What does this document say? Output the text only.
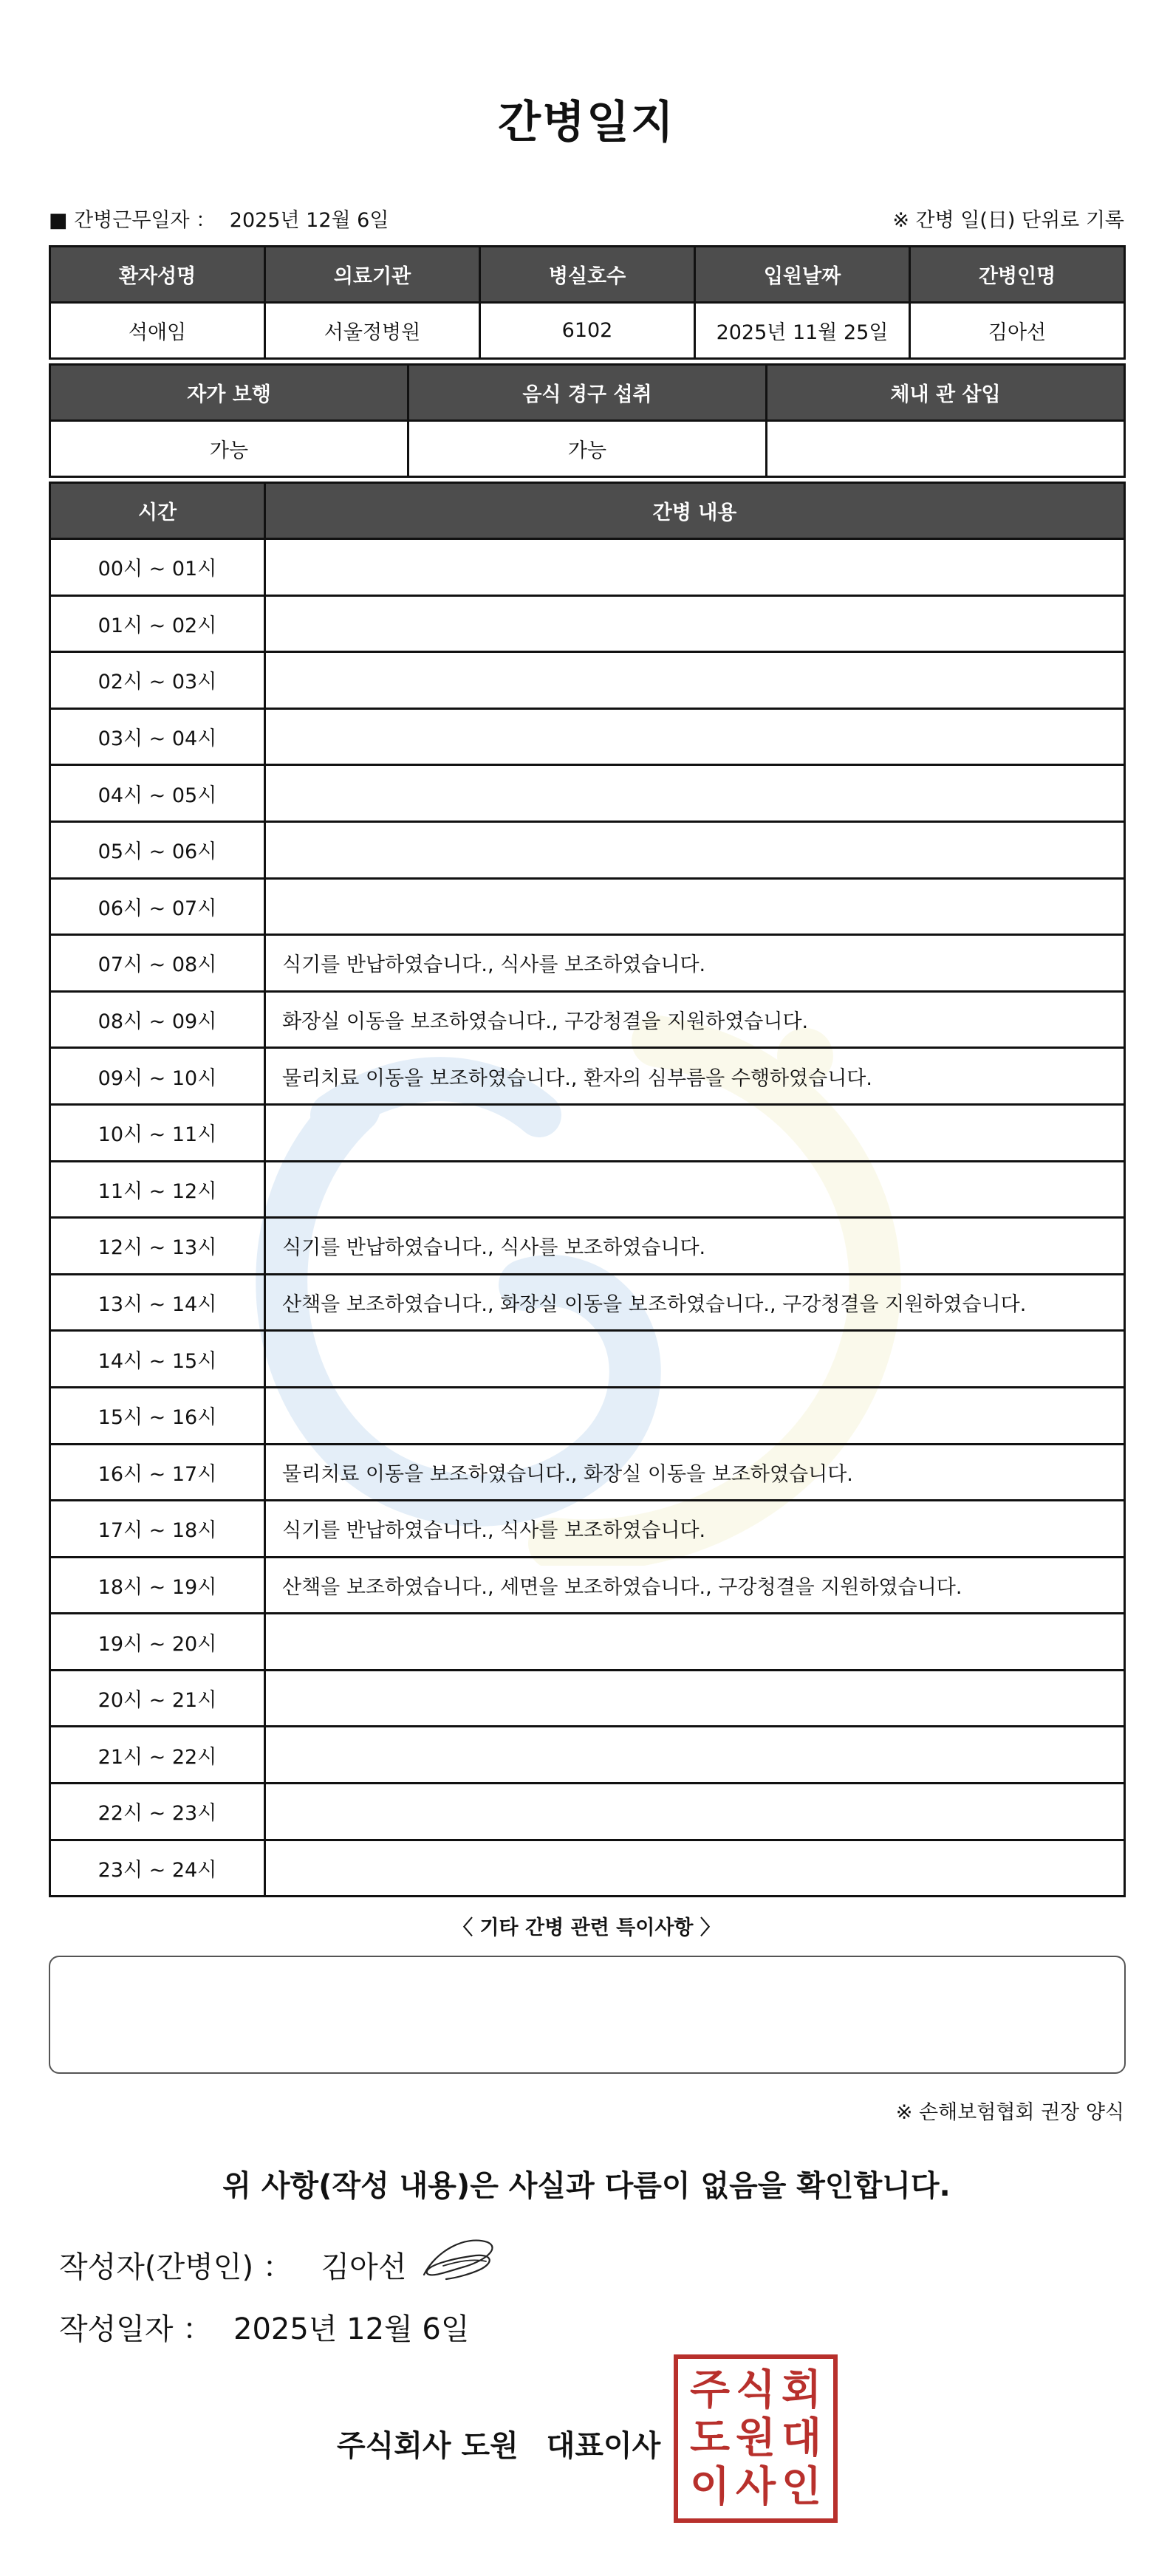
간병일지
■ 간병근무일자 ： 2025년 12월 6일	※ 간병 일(日) 단위로 기록
환자성명	의료기관	병실호수	입원날짜	간병인명
석애임	서울정병원	6102	2025년 11월 25일	김아선
자가 보행	음식 경구 섭취	체내 관 삽입
가능	가능	
시간	간병 내용
00시 ~ 01시	
01시 ~ 02시	
02시 ~ 03시	
03시 ~ 04시	
04시 ~ 05시	
05시 ~ 06시	
06시 ~ 07시	
07시 ~ 08시	식기를 반납하였습니다., 식사를 보조하였습니다.
08시 ~ 09시	화장실 이동을 보조하였습니다., 구강청결을 지원하였습니다.
09시 ~ 10시	물리치료 이동을 보조하였습니다., 환자의 심부름을 수행하였습니다.
10시 ~ 11시	
11시 ~ 12시	
12시 ~ 13시	식기를 반납하였습니다., 식사를 보조하였습니다.
13시 ~ 14시	산책을 보조하였습니다., 화장실 이동을 보조하였습니다., 구강청결을 지원하였습니다.
14시 ~ 15시	
15시 ~ 16시	
16시 ~ 17시	물리치료 이동을 보조하였습니다., 화장실 이동을 보조하였습니다.
17시 ~ 18시	식기를 반납하였습니다., 식사를 보조하였습니다.
18시 ~ 19시	산책을 보조하였습니다., 세면을 보조하였습니다., 구강청결을 지원하였습니다.
19시 ~ 20시	
20시 ~ 21시	
21시 ~ 22시	
22시 ~ 23시	
23시 ~ 24시	
〈 기타 간병 관련 특이사항 〉
※ 손해보험협회 권장 양식
위 사항(작성 내용)은 사실과 다름이 없음을 확인합니다.
작성자(간병인) ： 김아선
작성일자 ： 2025년 12월 6일
주식회사 도원 대표이사
주 식 회
도 원 대
이 사 인
